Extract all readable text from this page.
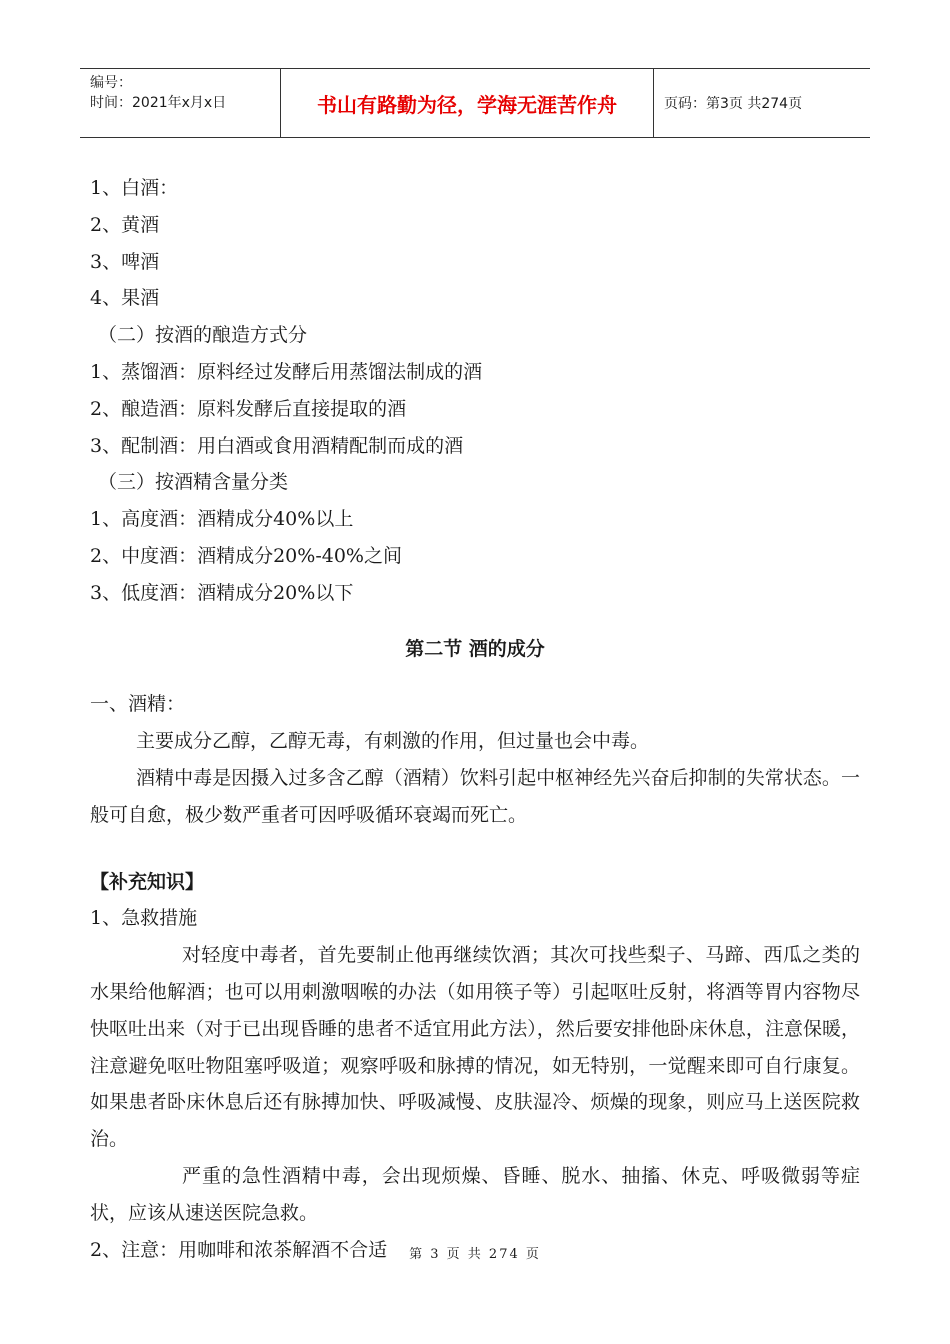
编号：
时间：2021年x月x日	书山有路勤为径，学海无涯苦作舟	页码：第3页 共274页

1、白酒：

2、黄酒

3、啤酒

4、果酒

（二）按酒的酿造方式分

1、蒸馏酒：原料经过发酵后用蒸馏法制成的酒

2、酿造酒：原料发酵后直接提取的酒

3、配制酒：用白酒或食用酒精配制而成的酒

（三）按酒精含量分类

1、高度酒：酒精成分40%以上

2、中度酒：酒精成分20%-40%之间

3、低度酒：酒精成分20%以下

第二节 酒的成分

一、酒精：

主要成分乙醇，乙醇无毒，有刺激的作用，但过量也会中毒。

酒精中毒是因摄入过多含乙醇（酒精）饮料引起中枢神经先兴奋后抑制的失常状态。一般可自愈，极少数严重者可因呼吸循环衰竭而死亡。

【补充知识】

1、急救措施

对轻度中毒者，首先要制止他再继续饮酒；其次可找些梨子、马蹄、西瓜之类的水果给他解酒；也可以用刺激咽喉的办法（如用筷子等）引起呕吐反射，将酒等胃内容物尽快呕吐出来（对于已出现昏睡的患者不适宜用此方法），然后要安排他卧床休息，注意保暖，注意避免呕吐物阻塞呼吸道；观察呼吸和脉搏的情况，如无特别，一觉醒来即可自行康复。如果患者卧床休息后还有脉搏加快、呼吸减慢、皮肤湿冷、烦燥的现象，则应马上送医院救治。

严重的急性酒精中毒，会出现烦燥、昏睡、脱水、抽搐、休克、呼吸微弱等症状，应该从速送医院急救。

2、注意：用咖啡和浓茶解酒不合适	第 3 页 共 274 页
